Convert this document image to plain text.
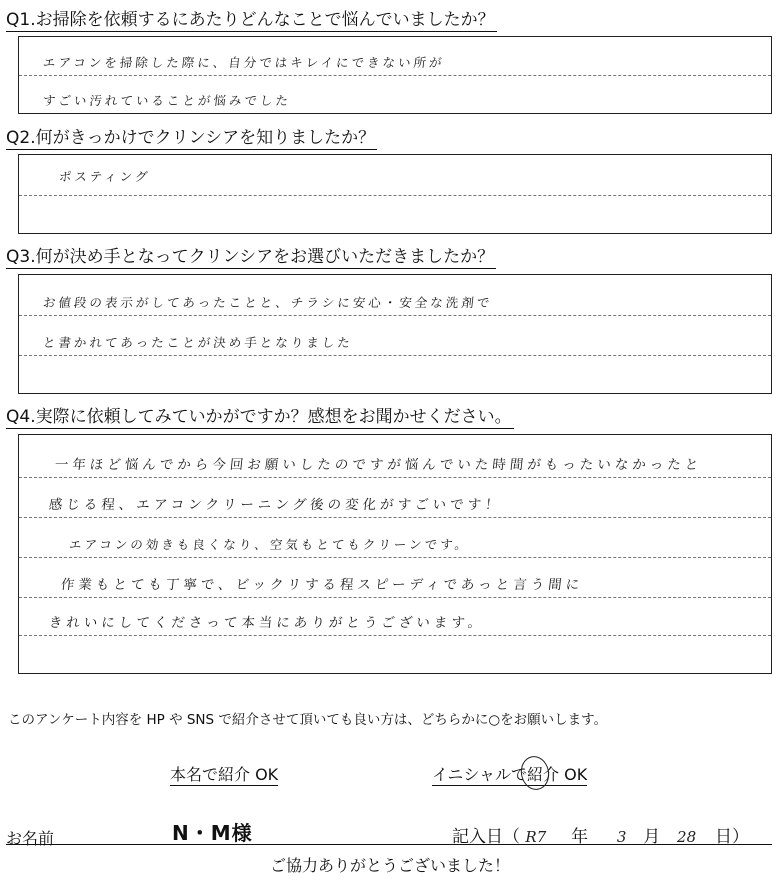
Q1.お掃除を依頼するにあたりどんなことで悩んでいましたか？
エアコンを掃除した際に、自分ではキレイにできない所が
すごい汚れていることが悩みでした
Q2.何がきっかけでクリンシアを知りましたか？
ポスティング
Q3.何が決め手となってクリンシアをお選びいただきましたか？
お値段の表示がしてあったことと、チラシに安心・安全な洗剤で
と書かれてあったことが決め手となりました
Q4.実際に依頼してみていかがですか？感想をお聞かせください。
一年ほど悩んでから今回お願いしたのですが悩んでいた時間がもったいなかったと
感じる程、エアコンクリーニング後の変化がすごいです！
エアコンの効きも良くなり、空気もとてもクリーンです。
作業もとても丁寧で、ビックリする程スピーディであっと言う間に
きれいにしてくださって本当にありがとうございます。
このアンケート内容を HP や SNS で紹介させて頂いても良い方は、どちらかに○をお願いします。
本名で紹介 OK	イニシャルで紹介 OK
お名前	N・M様	記入日（ R7 年 3 月 28 日）
ご協力ありがとうございました！
